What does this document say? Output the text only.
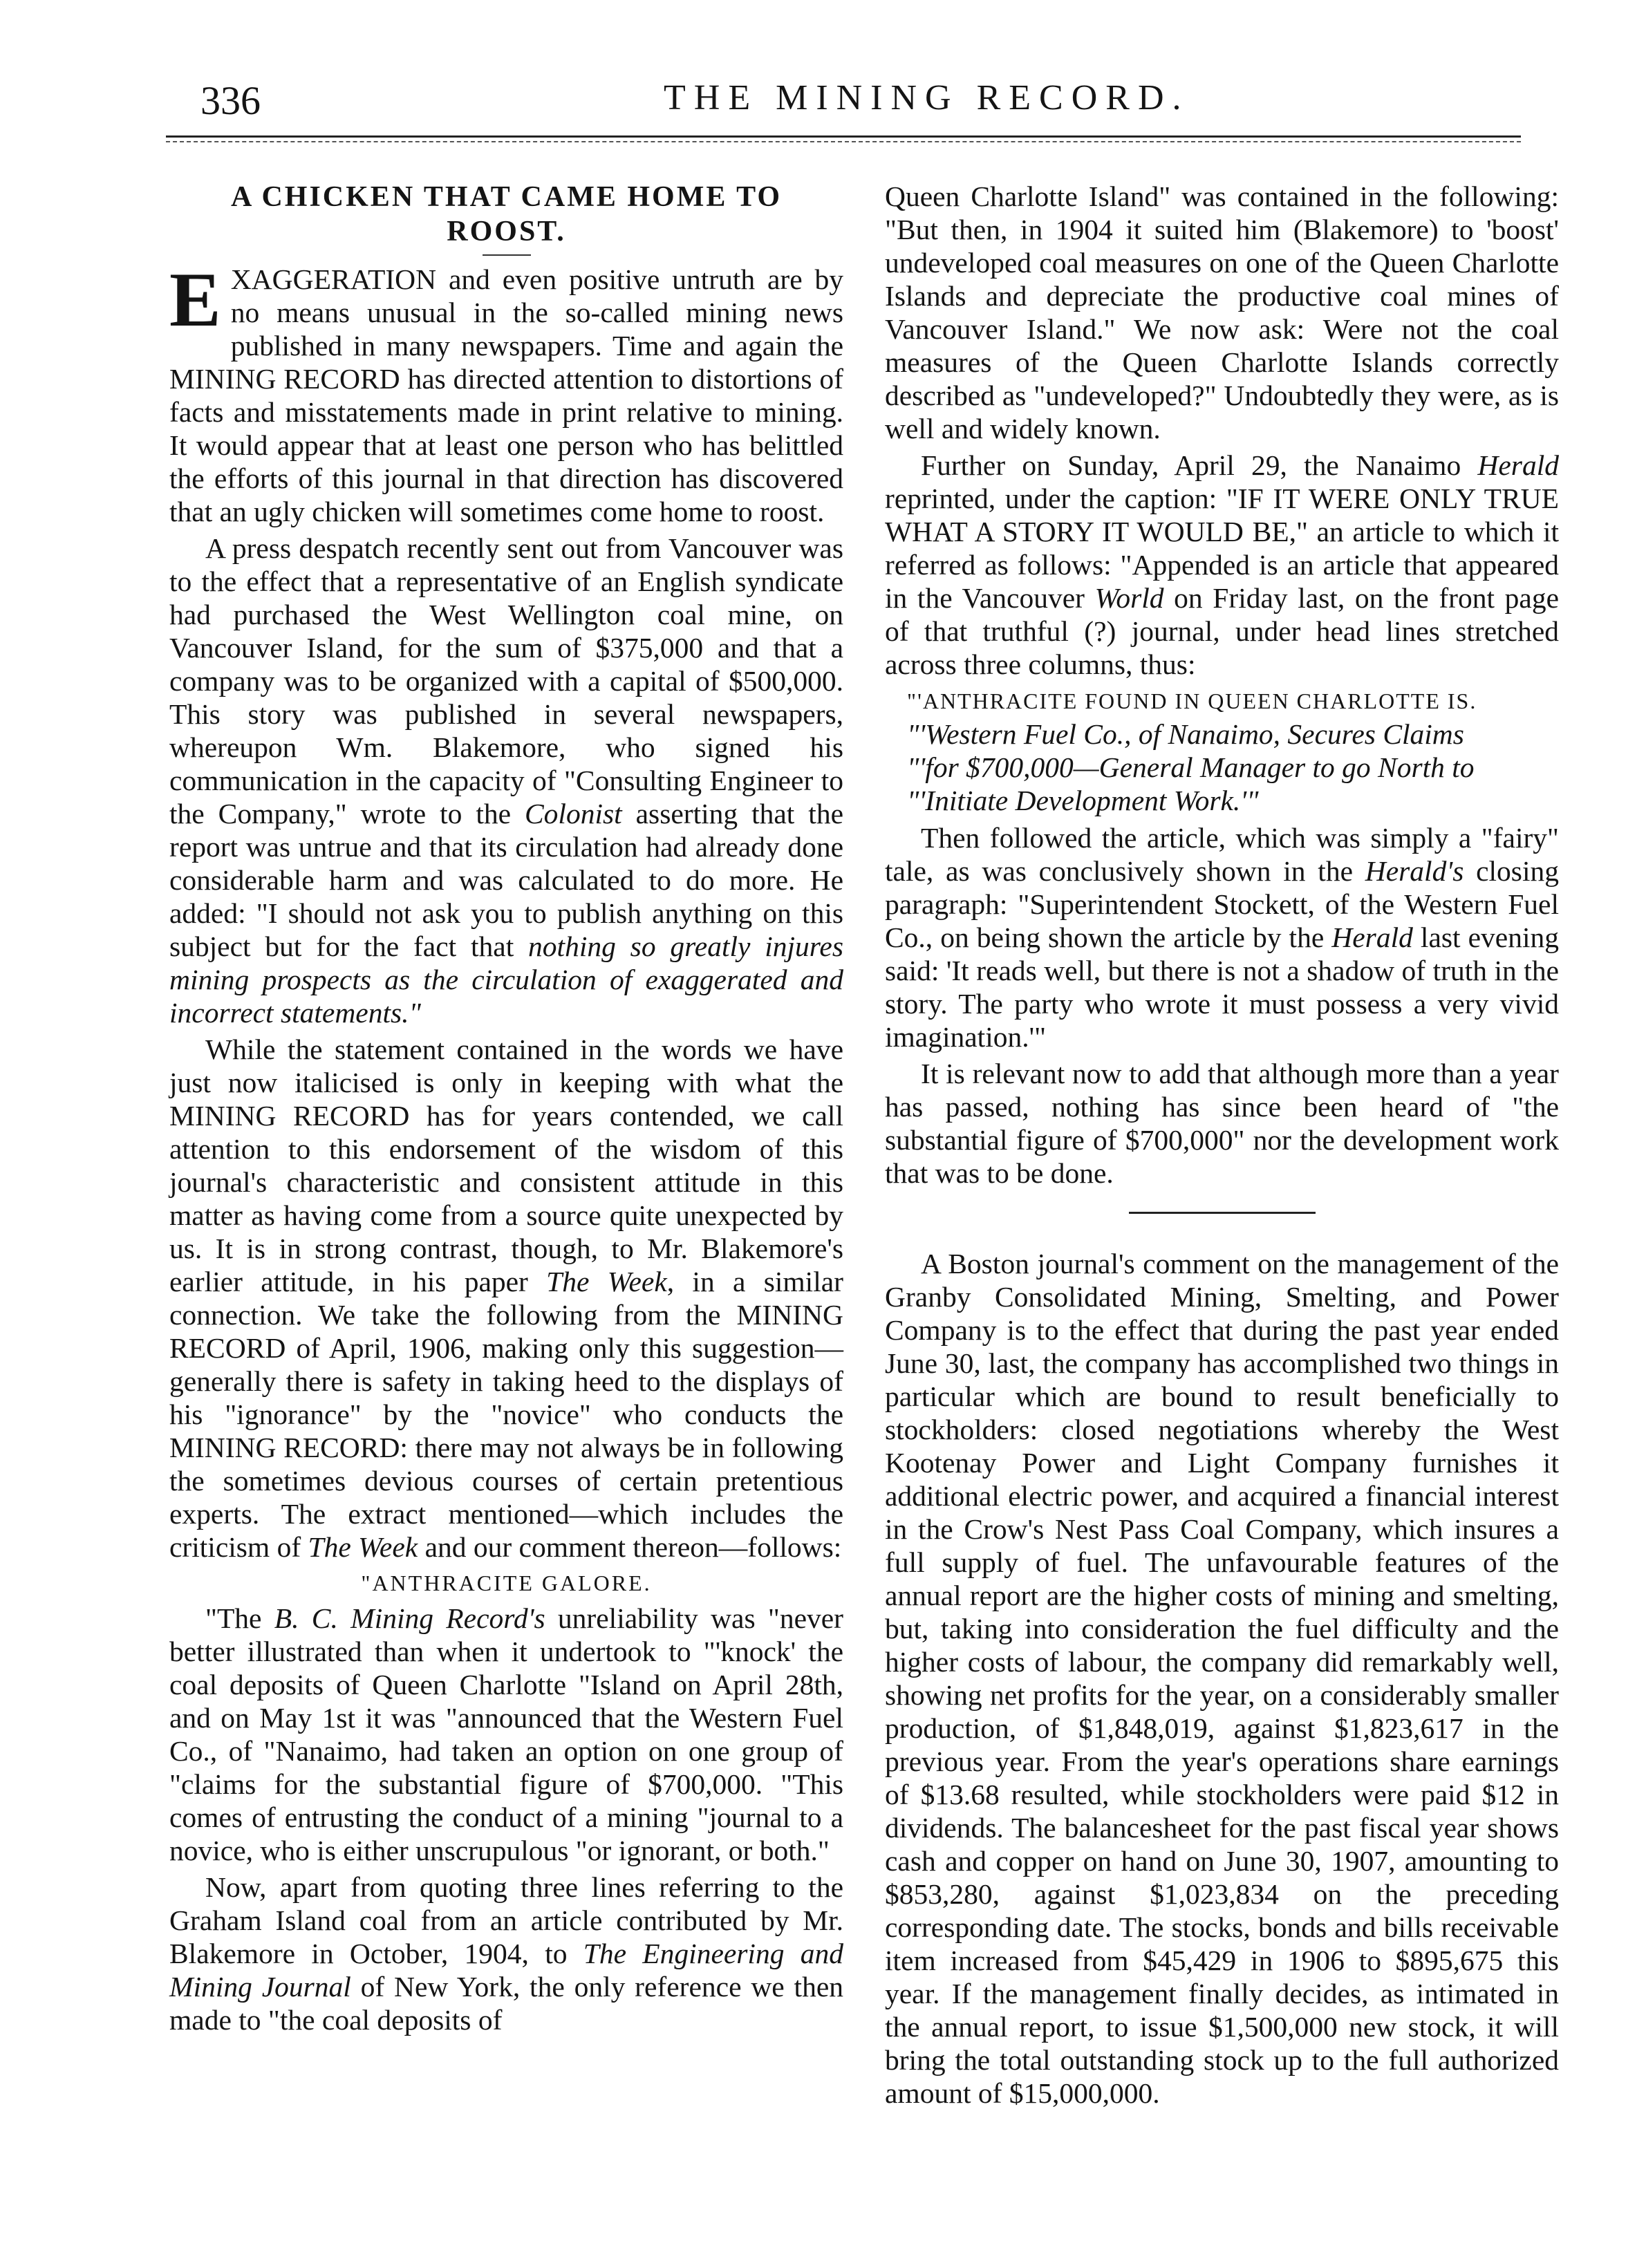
336	THE MINING RECORD.
A CHICKEN THAT CAME HOME TO ROOST.

EXAGGERATION and even positive untruth are by no means unusual in the so-called mining news published in many newspapers. Time and again the MINING RECORD has directed attention to distortions of facts and misstatements made in print relative to mining. It would appear that at least one person who has belittled the efforts of this journal in that direction has discovered that an ugly chicken will sometimes come home to roost.

A press despatch recently sent out from Vancouver was to the effect that a representative of an English syndicate had purchased the West Wellington coal mine, on Vancouver Island, for the sum of $375,000 and that a company was to be organized with a capital of $500,000. This story was published in several newspapers, whereupon Wm. Blakemore, who signed his communication in the capacity of "Consulting Engineer to the Company," wrote to the Colonist asserting that the report was untrue and that its circulation had already done considerable harm and was calculated to do more. He added: "I should not ask you to publish anything on this subject but for the fact that nothing so greatly injures mining prospects as the circulation of exaggerated and incorrect statements."

While the statement contained in the words we have just now italicised is only in keeping with what the MINING RECORD has for years contended, we call attention to this endorsement of the wisdom of this journal's characteristic and consistent attitude in this matter as having come from a source quite unexpected by us. It is in strong contrast, though, to Mr. Blakemore's earlier attitude, in his paper The Week, in a similar connection. We take the following from the MINING RECORD of April, 1906, making only this suggestion—generally there is safety in taking heed to the displays of his "ignorance" by the "novice" who conducts the MINING RECORD: there may not always be in following the sometimes devious courses of certain pretentious experts. The extract mentioned—which includes the criticism of The Week and our comment thereon—follows:

"ANTHRACITE GALORE.

"The B. C. Mining Record's unreliability was "never better illustrated than when it undertook to "'knock' the coal deposits of Queen Charlotte "Island on April 28th, and on May 1st it was "announced that the Western Fuel Co., of "Nanaimo, had taken an option on one group of "claims for the substantial figure of $700,000. "This comes of entrusting the conduct of a mining "journal to a novice, who is either unscrupulous "or ignorant, or both."

Now, apart from quoting three lines referring to the Graham Island coal from an article contributed by Mr. Blakemore in October, 1904, to The Engineering and Mining Journal of New York, the only reference we then made to "the coal deposits of

Queen Charlotte Island" was contained in the following: "But then, in 1904 it suited him (Blakemore) to 'boost' undeveloped coal measures on one of the Queen Charlotte Islands and depreciate the productive coal mines of Vancouver Island." We now ask: Were not the coal measures of the Queen Charlotte Islands correctly described as "undeveloped?" Undoubtedly they were, as is well and widely known.

Further on Sunday, April 29, the Nanaimo Herald reprinted, under the caption: "IF IT WERE ONLY TRUE WHAT A STORY IT WOULD BE," an article to which it referred as follows: "Appended is an article that appeared in the Vancouver World on Friday last, on the front page of that truthful (?) journal, under head lines stretched across three columns, thus:

"'ANTHRACITE FOUND IN QUEEN CHARLOTTE IS.

"'Western Fuel Co., of Nanaimo, Secures Claims

"'for $700,000—General Manager to go North to

"'Initiate Development Work.'"

Then followed the article, which was simply a "fairy" tale, as was conclusively shown in the Herald's closing paragraph: "Superintendent Stockett, of the Western Fuel Co., on being shown the article by the Herald last evening said: 'It reads well, but there is not a shadow of truth in the story. The party who wrote it must possess a very vivid imagination.'"

It is relevant now to add that although more than a year has passed, nothing has since been heard of "the substantial figure of $700,000" nor the development work that was to be done.

A Boston journal's comment on the management of the Granby Consolidated Mining, Smelting, and Power Company is to the effect that during the past year ended June 30, last, the company has accomplished two things in particular which are bound to result beneficially to stockholders: closed negotiations whereby the West Kootenay Power and Light Company furnishes it additional electric power, and acquired a financial interest in the Crow's Nest Pass Coal Company, which insures a full supply of fuel. The unfavourable features of the annual report are the higher costs of mining and smelting, but, taking into consideration the fuel difficulty and the higher costs of labour, the company did remarkably well, showing net profits for the year, on a considerably smaller production, of $1,848,019, against $1,823,617 in the previous year. From the year's operations share earnings of $13.68 resulted, while stockholders were paid $12 in dividends. The balancesheet for the past fiscal year shows cash and copper on hand on June 30, 1907, amounting to $853,280, against $1,023,834 on the preceding corresponding date. The stocks, bonds and bills receivable item increased from $45,429 in 1906 to $895,675 this year. If the management finally decides, as intimated in the annual report, to issue $1,500,000 new stock, it will bring the total outstanding stock up to the full authorized amount of $15,000,000.
